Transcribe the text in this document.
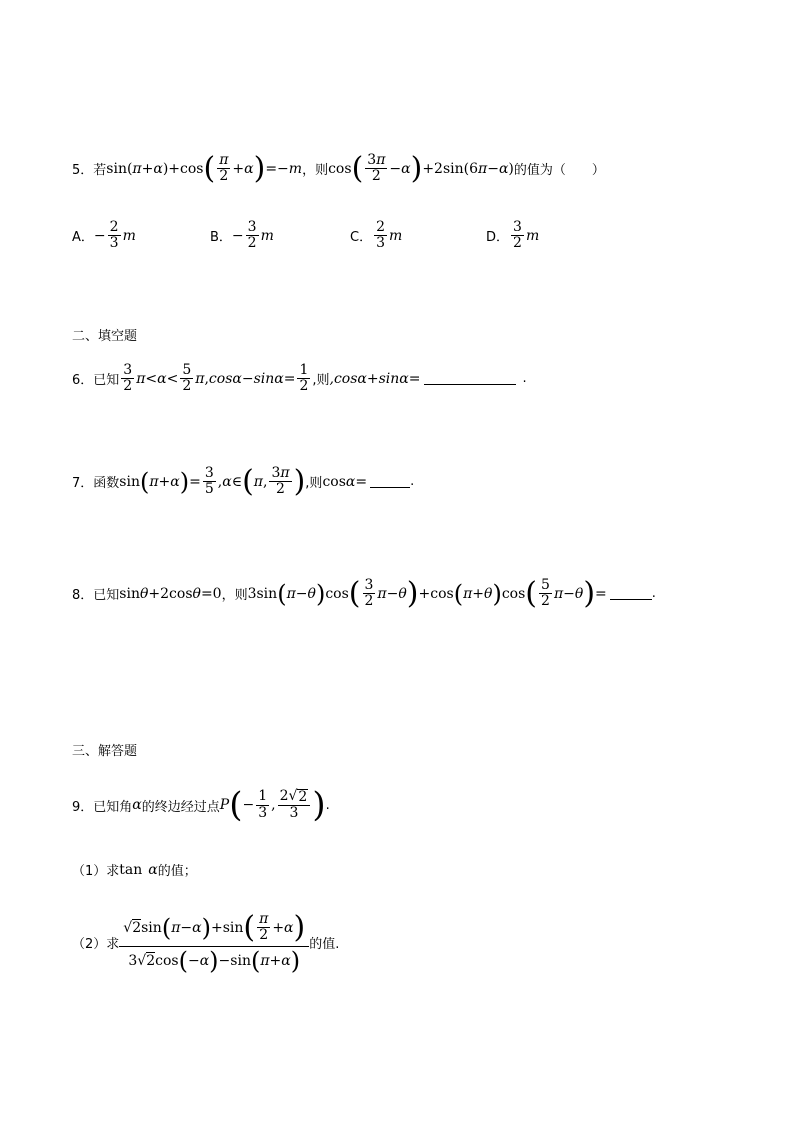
5．若 sin(π+α)+cos ( $\frac{\pi}{2} +\alpha$ ) =−m ，则 cos ( $\frac{3\pi}{2} -\alpha$ ) +2sin(6π−α) 的值为（　　）
A． − $\frac{2}{3}$ m	B． − $\frac{3}{2}$ m	C． $\frac{2}{3}$ m	D． $\frac{3}{2}$ m
二、填空题
6．已知 $\frac{3}{2}$ $\pi < \alpha < \frac{5}{2}$ π , $\cos\alpha - \sin\alpha = \frac{1}{2}$ ,则 ,cosα + sinα =	.
7．函数 sin ( π + α ) = $\frac{3}{5}$ , α ∈ ( π , $\frac{3\pi}{2}$ ) ,则 cos α =	.
8．已知 sin θ +2cos θ =0 ，则 3sin ( π − θ ) cos ( $\frac{3}{2}$ π − θ ) +cos ( π + θ ) cos ( $\frac{5}{2}$ π − θ ) =	.
三、解答题
9．已知角 α 的终边经过点 P ( − $\frac{1}{3}$ , $\frac{2 √ 2}{3}$ ) .
（1）求 tan α 的值；
（2）求
√2 sin ( π − α ) +sin ( $\frac{\pi}{2} + \alpha$ )
3√2 cos ( − α ) −sin ( π + α )
的值.
